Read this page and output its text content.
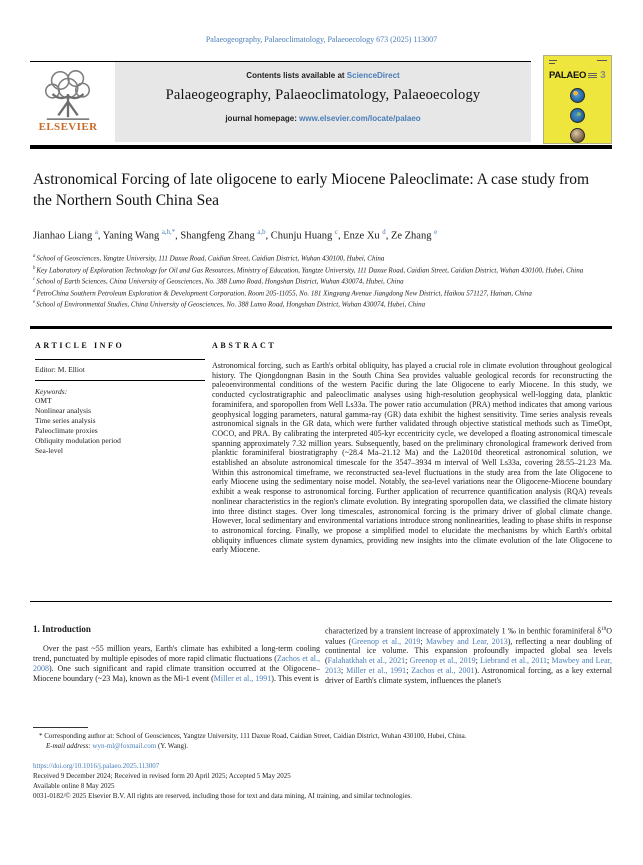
Palaeogeography, Palaeoclimatology, Palaeoecology 673 (2025) 113007
ELSEVIER
Contents lists available at ScienceDirect
Palaeogeography, Palaeoclimatology, Palaeoecology
journal homepage: www.elsevier.com/locate/palaeo
PALAEO 3
Astronomical Forcing of late oligocene to early Miocene Paleoclimate: A case study from the Northern South China Sea
Jianhao Liang $^a$, Yaning Wang $^{a,b,*}$, Shangfeng Zhang $^{a,b}$, Chunju Huang $^c$, Enze Xu $^d$, Ze Zhang $^e$
$^a$School of Geosciences, Yangtze University, 111 Daxue Road, Caidian Street, Caidian District, Wuhan 430100, Hubei, China
$^b$Key Laboratory of Exploration Technology for Oil and Gas Resources, Ministry of Education, Yangtze University, 111 Daxue Road, Caidian Street, Caidian District, Wuhan 430100, Hubei, China
$^c$School of Earth Sciences, China University of Geosciences, No. 388 Lumo Road, Hongshan District, Wuhan 430074, Hubei, China
$^d$PetroChina Southern Petroleum Exploration & Development Corporation, Room 205-11055, No. 181 Xingyang Avenue Jiangdong New District, Haikou 571127, Hainan, China
$^e$School of Environmental Studies, China University of Geosciences, No. 388 Lumo Road, Hongshan District, Wuhan 430074, Hubei, China
ARTICLE INFO
Editor: M. Elliot
Keywords:
OMT
Nonlinear analysis
Time series analysis
Paleoclimate proxies
Obliquity modulation period
Sea-level
ABSTRACT
Astronomical forcing, such as Earth's orbital obliquity, has played a crucial role in climate evolution throughout geological history. The Qiongdongnan Basin in the South China Sea provides valuable geological records for reconstructing the paleoenvironmental conditions of the western Pacific during the late Oligocene to early Miocene. In this study, we conducted cyclostratigraphic and paleoclimatic analyses using high-resolution geophysical well-logging data, planktic foraminifera, and sporopollen from Well Ls33a. The power ratio accumulation (PRA) method indicates that among various geophysical logging parameters, natural gamma-ray (GR) data exhibit the highest sensitivity. Time series analysis reveals astronomical signals in the GR data, which were further validated through objective statistical methods such as TimeOpt, COCO, and PRA. By calibrating the interpreted 405-kyr eccentricity cycle, we developed a floating astronomical timescale spanning approximately 7.32 million years. Subsequently, based on the preliminary chronological framework derived from planktic foraminiferal biostratigraphy (~28.4 Ma–21.12 Ma) and the La2010d theoretical astronomical solution, we established an absolute astronomical timescale for the 3547–3934 m interval of Well Ls33a, covering 28.55–21.23 Ma. Within this astronomical timeframe, we reconstructed sea-level fluctuations in the study area from the late Oligocene to early Miocene using the sedimentary noise model. Notably, the sea-level variations near the Oligocene-Miocene boundary exhibit a weak response to astronomical forcing. Further application of recurrence quantification analysis (RQA) reveals nonlinear characteristics in the region's climate evolution. By integrating sporopollen data, we classified the climate history into three distinct stages. Over long timescales, astronomical forcing is the primary driver of global climate change. However, local sedimentary and environmental variations introduce strong nonlinearities, leading to phase shifts in response to astronomical forcing. Finally, we propose a simplified model to elucidate the mechanisms by which Earth's orbital obliquity influences climate system dynamics, providing new insights into the climate evolution of the late Oligocene to early Miocene.
1. Introduction
Over the past ~55 million years, Earth's climate has exhibited a long-term cooling trend, punctuated by multiple episodes of more rapid climatic fluctuations (Zachos et al., 2008). One such significant and rapid climate transition occurred at the Oligocene–Miocene boundary (~23 Ma), known as the Mi-1 event (Miller et al., 1991). This event is
characterized by a transient increase of approximately 1 ‰ in benthic foraminiferal $\delta^{18}O$ values (Greenop et al., 2019; Mawbey and Lear, 2013), reflecting a near doubling of continental ice volume. This expansion profoundly impacted global sea levels (Falahatkhah et al., 2021; Greenop et al., 2019; Liebrand et al., 2011; Mawbey and Lear, 2013; Miller et al., 1991; Zachos et al., 2001). Astronomical forcing, as a key external driver of Earth's climate system, influences the planet's
* Corresponding author at: School of Geosciences, Yangtze University, 111 Daxue Road, Caidian Street, Caidian District, Wuhan 430100, Hubei, China.
E-mail address: wyn-ml@foxmail.com (Y. Wang).
https://doi.org/10.1016/j.palaeo.2025.113007
Received 9 December 2024; Received in revised form 20 April 2025; Accepted 5 May 2025
Available online 8 May 2025
0031-0182/© 2025 Elsevier B.V. All rights are reserved, including those for text and data mining, AI training, and similar technologies.
